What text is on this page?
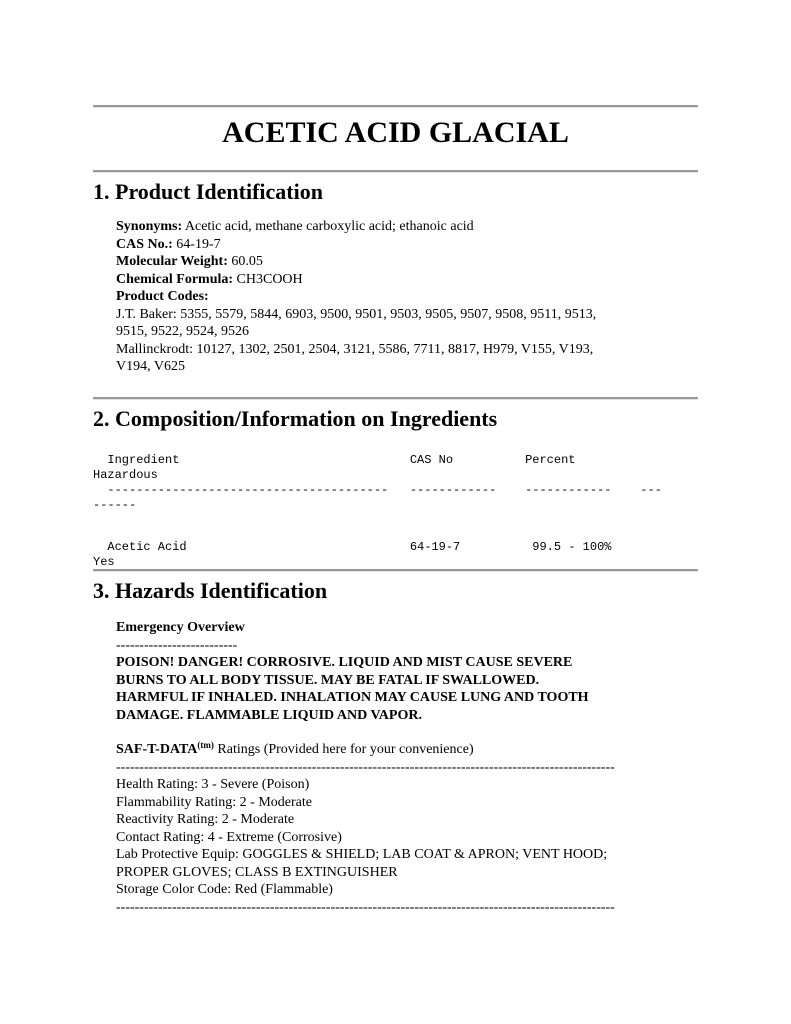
ACETIC ACID GLACIAL
1. Product Identification

Synonyms: Acetic acid, methane carboxylic acid; ethanoic acid

CAS No.: 64-19-7

Molecular Weight: 60.05

Chemical Formula: CH3COOH

Product Codes:

J.T. Baker: 5355, 5579, 5844, 6903, 9500, 9501, 9503, 9505, 9507, 9508, 9511, 9513,

9515, 9522, 9524, 9526

Mallinckrodt: 10127, 1302, 2501, 2504, 3121, 5586, 7711, 8817, H979, V155, V193,

V194, V625

2. Composition/Information on Ingredients

Ingredient                                CAS No          Percent
Hazardous
---------------------------------------   ------------    ------------    ---
------
Acetic Acid                               64-19-7          99.5 - 100%
Yes

3. Hazards Identification

Emergency Overview

--------------------------

POISON! DANGER! CORROSIVE. LIQUID AND MIST CAUSE SEVERE

BURNS TO ALL BODY TISSUE. MAY BE FATAL IF SWALLOWED.

HARMFUL IF INHALED. INHALATION MAY CAUSE LUNG AND TOOTH

DAMAGE. FLAMMABLE LIQUID AND VAPOR.

SAF-$T-DATA^{(tm)}$ Ratings (Provided here for your convenience)

-----------------------------------------------------------------------------------------------------------

Health Rating: 3 - Severe (Poison)

Flammability Rating: 2 - Moderate

Reactivity Rating: 2 - Moderate

Contact Rating: 4 - Extreme (Corrosive)

Lab Protective Equip: GOGGLES & SHIELD; LAB COAT & APRON; VENT HOOD;

PROPER GLOVES; CLASS B EXTINGUISHER

Storage Color Code: Red (Flammable)

-----------------------------------------------------------------------------------------------------------
